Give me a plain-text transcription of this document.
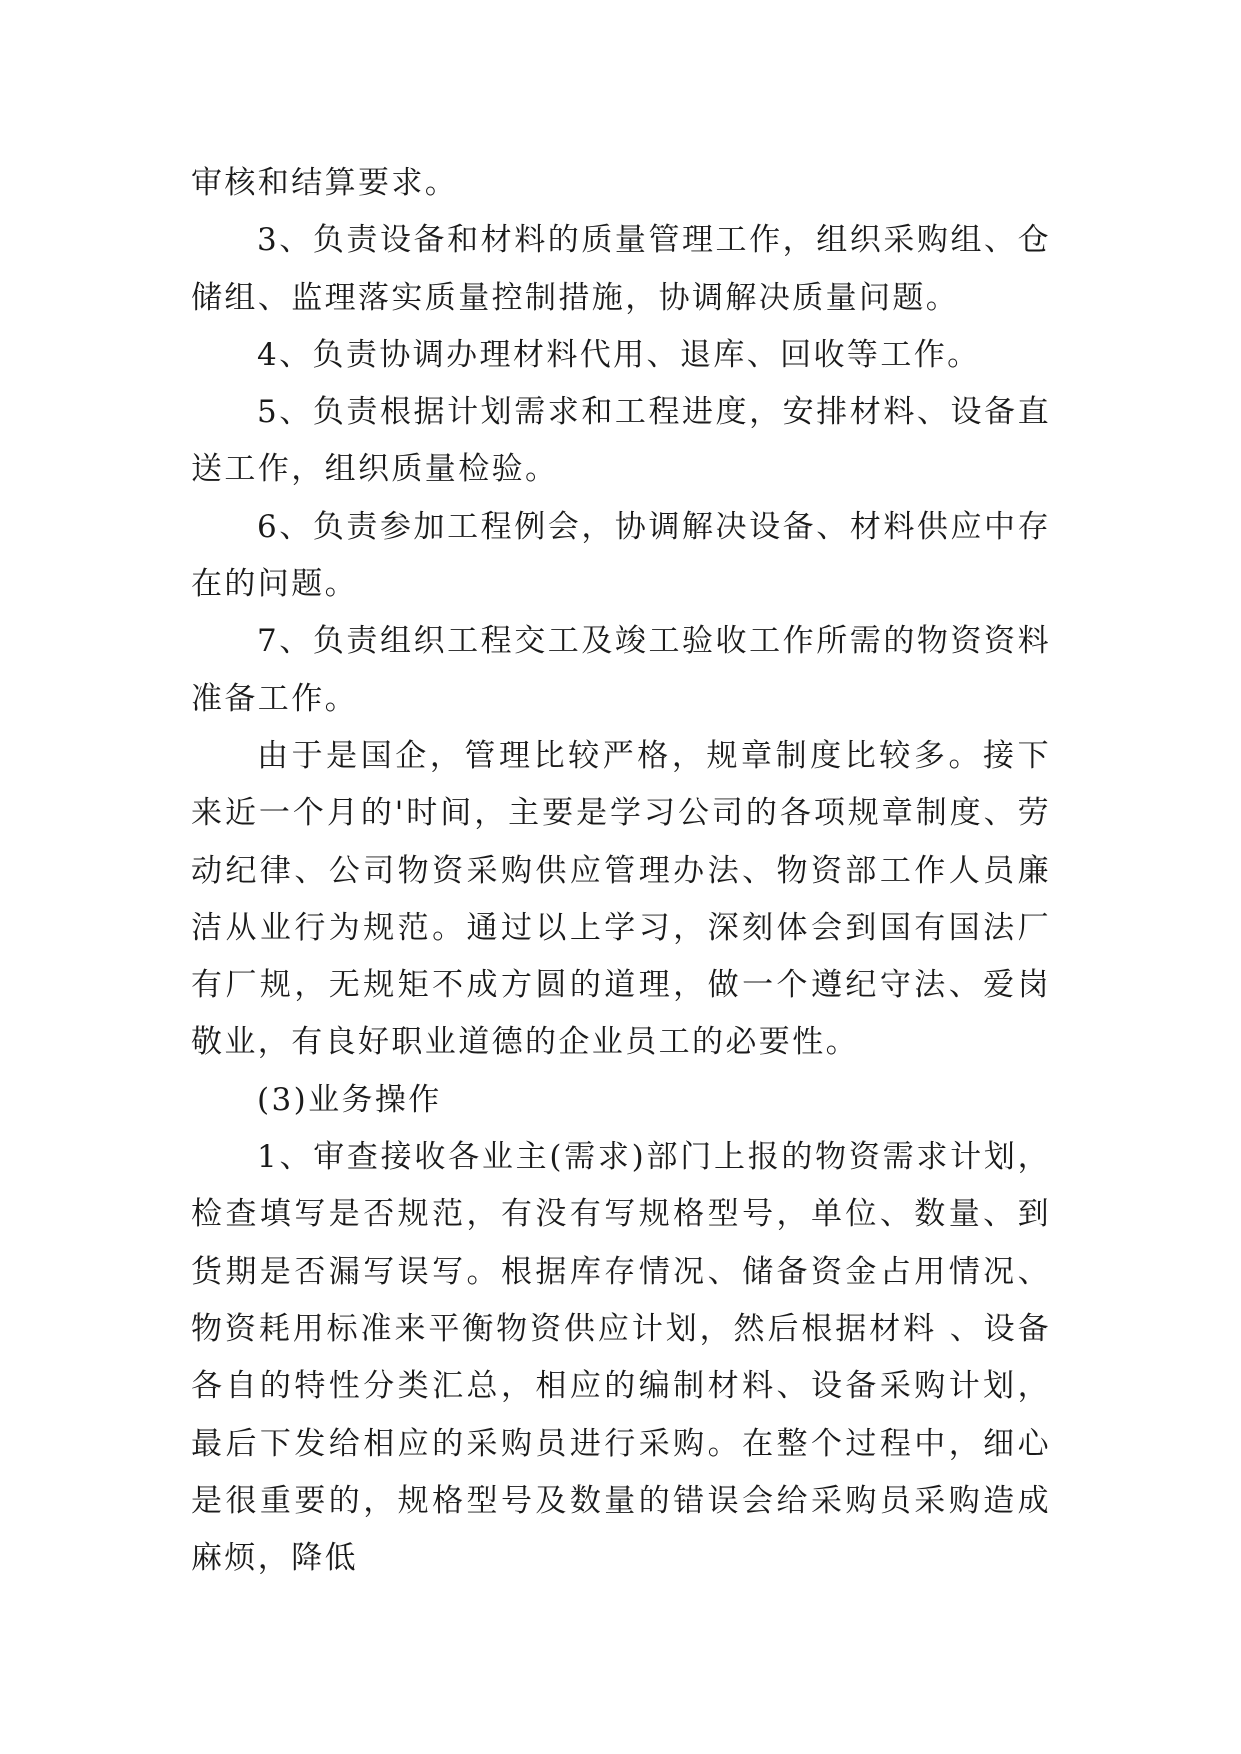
审核和结算要求。

3、负责设备和材料的质量管理工作，组织采购组、仓储组、监理落实质量控制措施，协调解决质量问题。

4、负责协调办理材料代用、退库、回收等工作。

5、负责根据计划需求和工程进度，安排材料、设备直送工作，组织质量检验。

6、负责参加工程例会，协调解决设备、材料供应中存在的问题。

7、负责组织工程交工及竣工验收工作所需的物资资料准备工作。

由于是国企，管理比较严格，规章制度比较多。接下来近一个月的'时间，主要是学习公司的各项规章制度、劳动纪律、公司物资采购供应管理办法、物资部工作人员廉洁从业行为规范。通过以上学习，深刻体会到国有国法厂有厂规，无规矩不成方圆的道理，做一个遵纪守法、爱岗敬业，有良好职业道德的企业员工的必要性。

(3)业务操作

1、审查接收各业主(需求)部门上报的物资需求计划，检查填写是否规范，有没有写规格型号，单位、数量、到货期是否漏写误写。根据库存情况、储备资金占用情况、物资耗用标准来平衡物资供应计划，然后根据材料 、设备各自的特性分类汇总，相应的编制材料、设备采购计划，最后下发给相应的采购员进行采购。在整个过程中，细心是很重要的，规格型号及数量的错误会给采购员采购造成麻烦，降低
